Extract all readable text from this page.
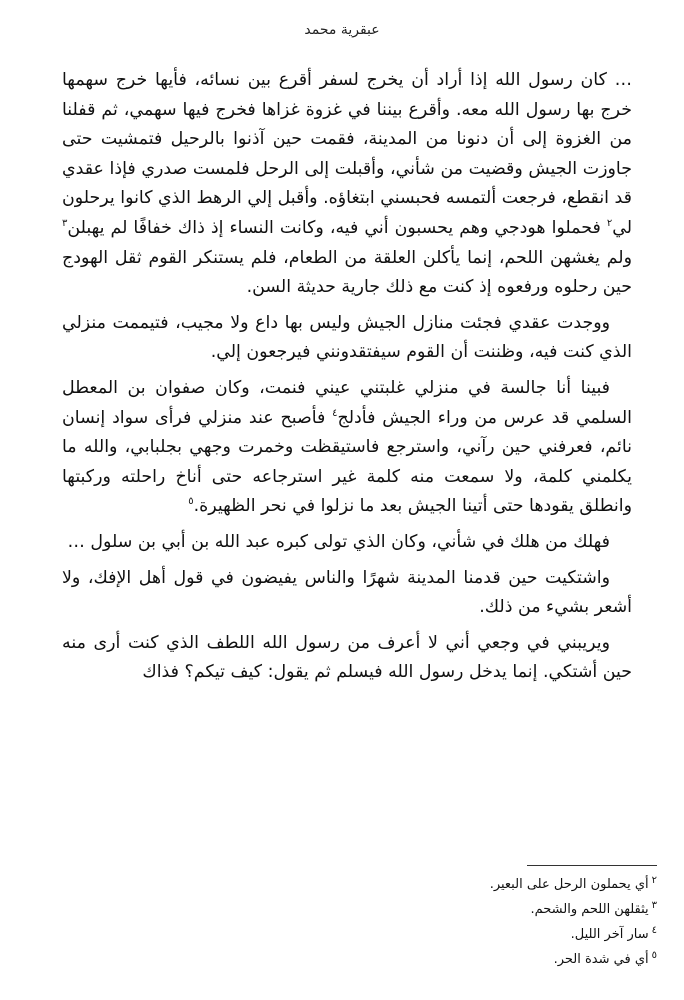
عبقرية محمد

… كان رسول الله إذا أراد أن يخرج لسفر أقرع بين نسائه، فأيها خرج سهمها خرج بها رسول الله معه. وأقرع بيننا في غزوة غزاها فخرج فيها سهمي، ثم قفلنا من الغزوة إلى أن دنونا من المدينة، فقمت حين آذنوا بالرحيل فتمشيت حتى جاوزت الجيش وقضيت من شأني، وأقبلت إلى الرحل فلمست صدري فإذا عقدي قد انقطع، فرجعت ألتمسه فحبسني ابتغاؤه. وأقبل إلي الرهط الذي كانوا يرحلون لي$^٢$ فحملوا هودجي وهم يحسبون أني فيه، وكانت النساء إذ ذاك خفافًا لم يهبلن$^٣$ ولم يغشهن اللحم، إنما يأكلن العلقة من الطعام، فلم يستنكر القوم ثقل الهودج حين رحلوه ورفعوه إذ كنت مع ذلك جارية حديثة السن.

ووجدت عقدي فجئت منازل الجيش وليس بها داع ولا مجيب، فتيممت منزلي الذي كنت فيه، وظننت أن القوم سيفتقدونني فيرجعون إلي.

فبينا أنا جالسة في منزلي غلبتني عيني فنمت، وكان صفوان بن المعطل السلمي قد عرس من وراء الجيش فأدلج$^٤$ فأصبح عند منزلي فرأى سواد إنسان نائم، فعرفني حين رآني، واسترجع فاستيقظت وخمرت وجهي بجلبابي، والله ما يكلمني كلمة، ولا سمعت منه كلمة غير استرجاعه حتى أناخ راحلته وركبتها وانطلق يقودها حتى أتينا الجيش بعد ما نزلوا في نحر الظهيرة.$^٥$

فهلك من هلك في شأني، وكان الذي تولى كبره عبد الله بن أبي بن سلول …

واشتكيت حين قدمنا المدينة شهرًا والناس يفيضون في قول أهل الإفك، ولا أشعر بشيء من ذلك.

ويريبني في وجعي أني لا أعرف من رسول الله اللطف الذي كنت أرى منه حين أشتكي. إنما يدخل رسول الله فيسلم ثم يقول: كيف تيكم؟ فذاك

$^٢$أي يحملون الرحل على البعير.
$^٣$يثقلهن اللحم والشحم.
$^٤$سار آخر الليل.
$^٥$أي في شدة الحر.
